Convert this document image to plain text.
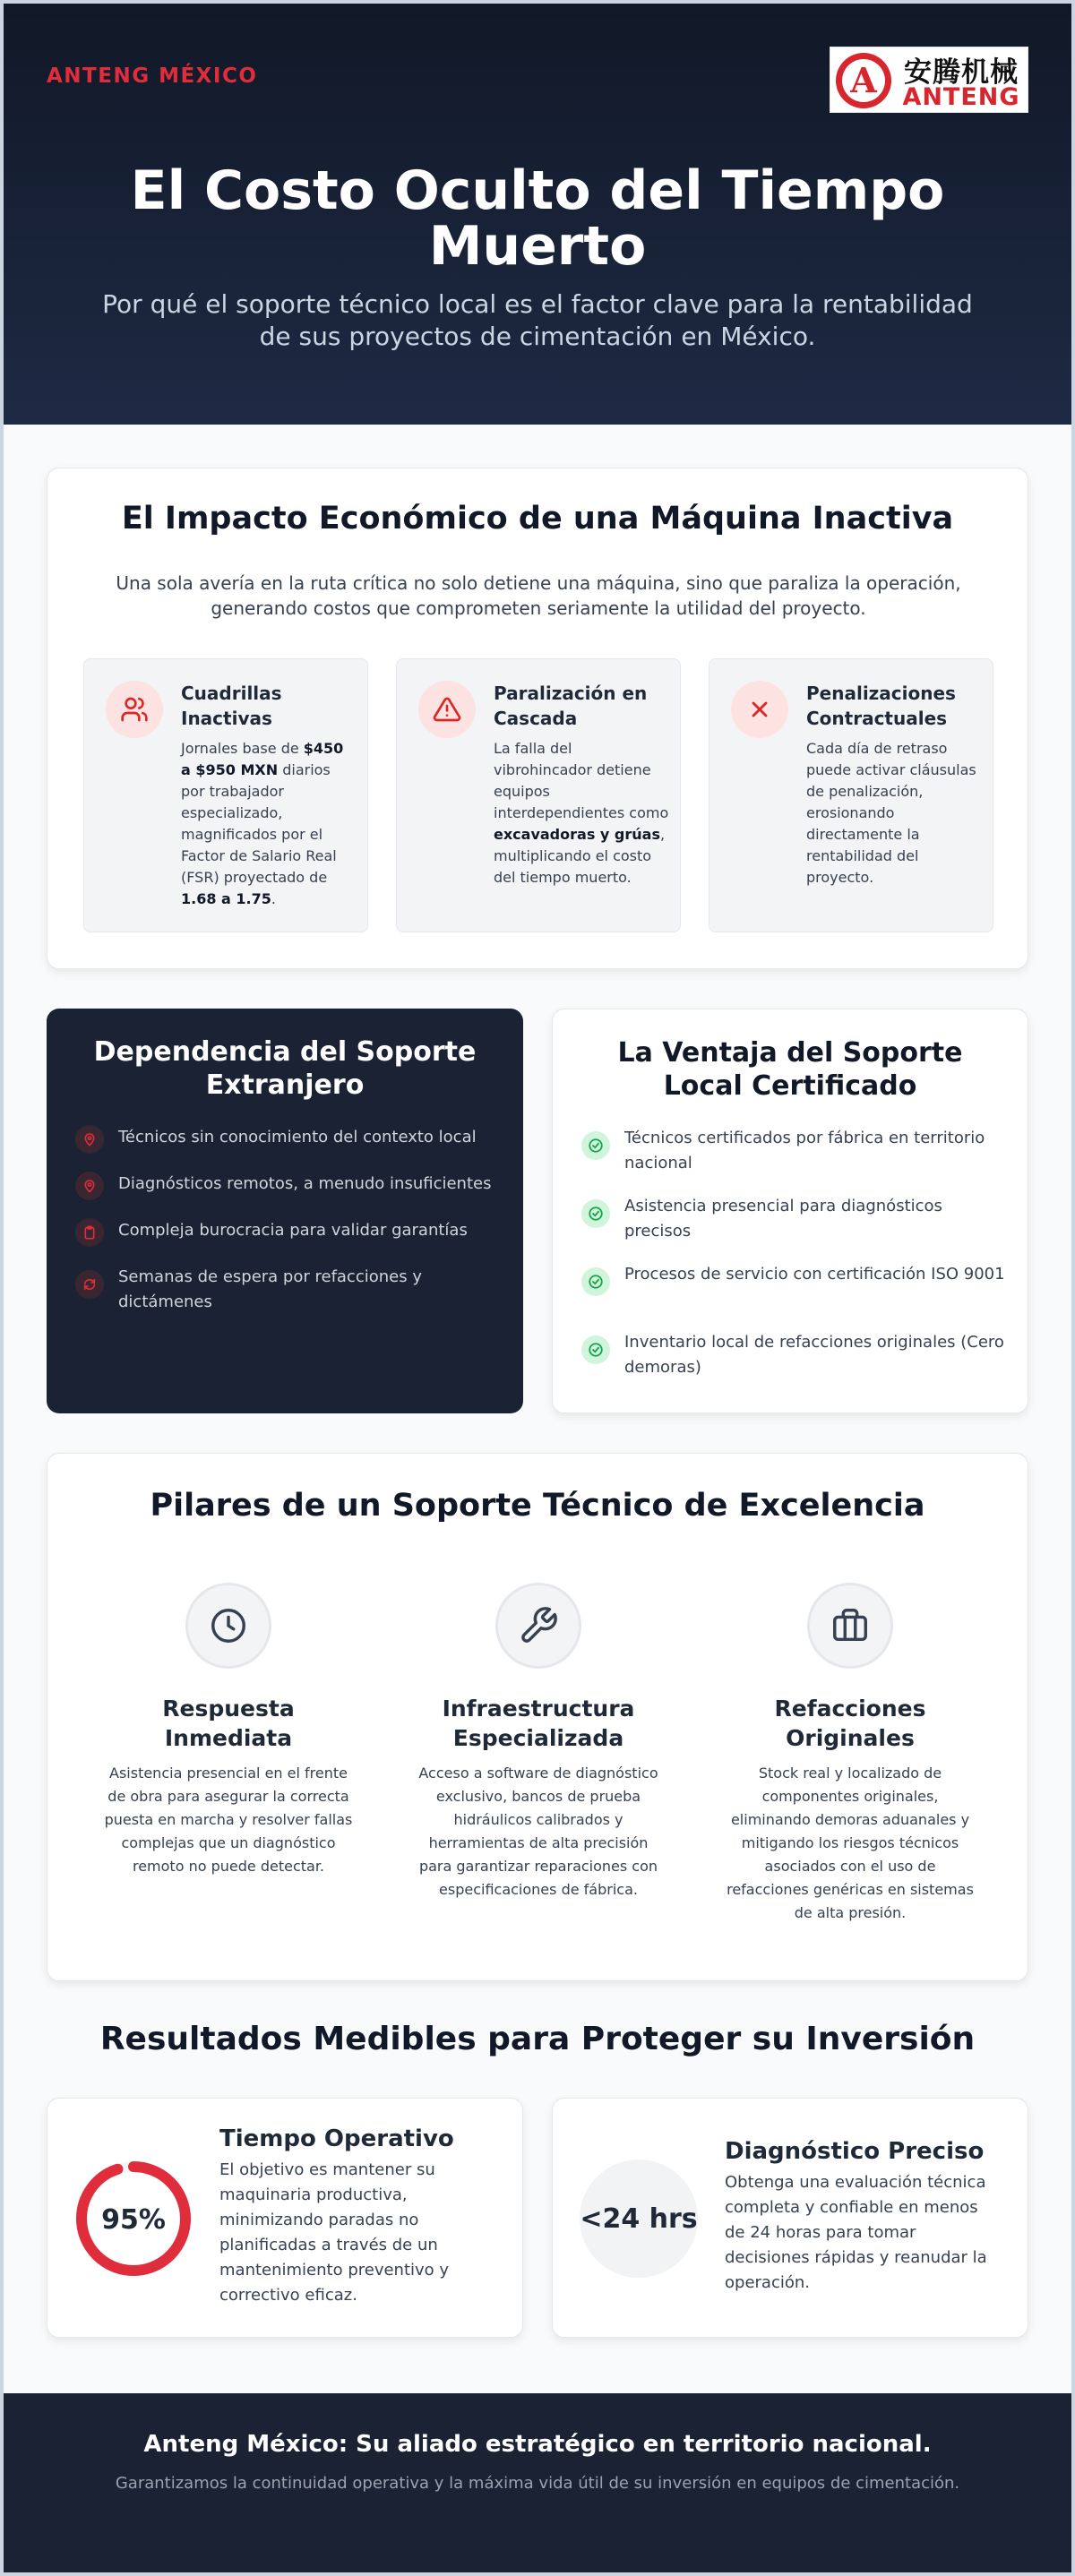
ANTENG MÉXICO	A 安腾机械
ANTENG
El Costo Oculto del Tiempo Muerto
Por qué el soporte técnico local es el factor clave para la rentabilidad de sus proyectos de cimentación en México.
El Impacto Económico de una Máquina Inactiva
Una sola avería en la ruta crítica no solo detiene una máquina, sino que paraliza la operación, generando costos que comprometen seriamente la utilidad del proyecto.
Cuadrillas Inactivas
Jornales base de $450 a $950 MXN diarios por trabajador especializado, magnificados por el Factor de Salario Real (FSR) proyectado de 1.68 a 1.75.
Paralización en Cascada
La falla del vibrohincador detiene equipos interdependientes como excavadoras y grúas, multiplicando el costo del tiempo muerto.
Penalizaciones Contractuales
Cada día de retraso puede activar cláusulas de penalización, erosionando directamente la rentabilidad del proyecto.
Dependencia del Soporte Extranjero
Técnicos sin conocimiento del contexto local
Diagnósticos remotos, a menudo insuficientes
Compleja burocracia para validar garantías
Semanas de espera por refacciones y dictámenes
La Ventaja del Soporte Local Certificado
Técnicos certificados por fábrica en territorio nacional
Asistencia presencial para diagnósticos precisos
Procesos de servicio con certificación ISO 9001
Inventario local de refacciones originales (Cero demoras)
Pilares de un Soporte Técnico de Excelencia
Respuesta Inmediata
Asistencia presencial en el frente de obra para asegurar la correcta puesta en marcha y resolver fallas complejas que un diagnóstico remoto no puede detectar.
Infraestructura Especializada
Acceso a software de diagnóstico exclusivo, bancos de prueba hidráulicos calibrados y herramientas de alta precisión para garantizar reparaciones con especificaciones de fábrica.
Refacciones Originales
Stock real y localizado de componentes originales, eliminando demoras aduanales y mitigando los riesgos técnicos asociados con el uso de refacciones genéricas en sistemas de alta presión.
Resultados Medibles para Proteger su Inversión
95%
Tiempo Operativo
El objetivo es mantener su maquinaria productiva, minimizando paradas no planificadas a través de un mantenimiento preventivo y correctivo eficaz.
<24 hrs
Diagnóstico Preciso
Obtenga una evaluación técnica completa y confiable en menos de 24 horas para tomar decisiones rápidas y reanudar la operación.
Anteng México: Su aliado estratégico en territorio nacional.
Garantizamos la continuidad operativa y la máxima vida útil de su inversión en equipos de cimentación.
